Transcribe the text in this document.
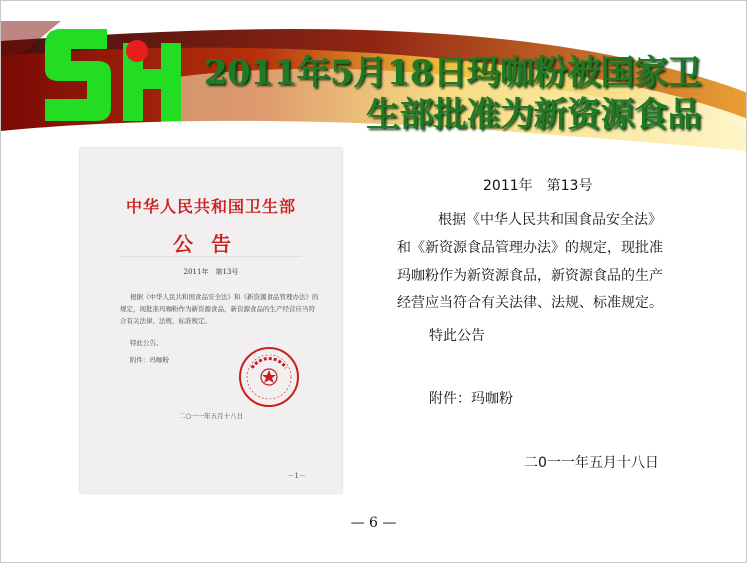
SH
2011年5月18日玛咖粉被国家卫
生部批准为新资源食品
中华人民共和国卫生部
公告
2011年　第13号
根据《中华人民共和国食品安全法》和《新资源食品管理办法》的规定，现批准玛咖粉作为新资源食品，新资源食品的生产经营应当符合有关法律、法规、标准规定。
特此公告。
附件：玛咖粉
二○一一年五月十八日
－1－
2011年　第13号
根据《中华人民共和国食品安全法》
和《新资源食品管理办法》的规定，现批准
玛咖粉作为新资源食品，新资源食品的生产
经营应当符合有关法律、法规、标准规定。
特此公告
附件：玛咖粉
二0一一年五月十八日
— 6 —
